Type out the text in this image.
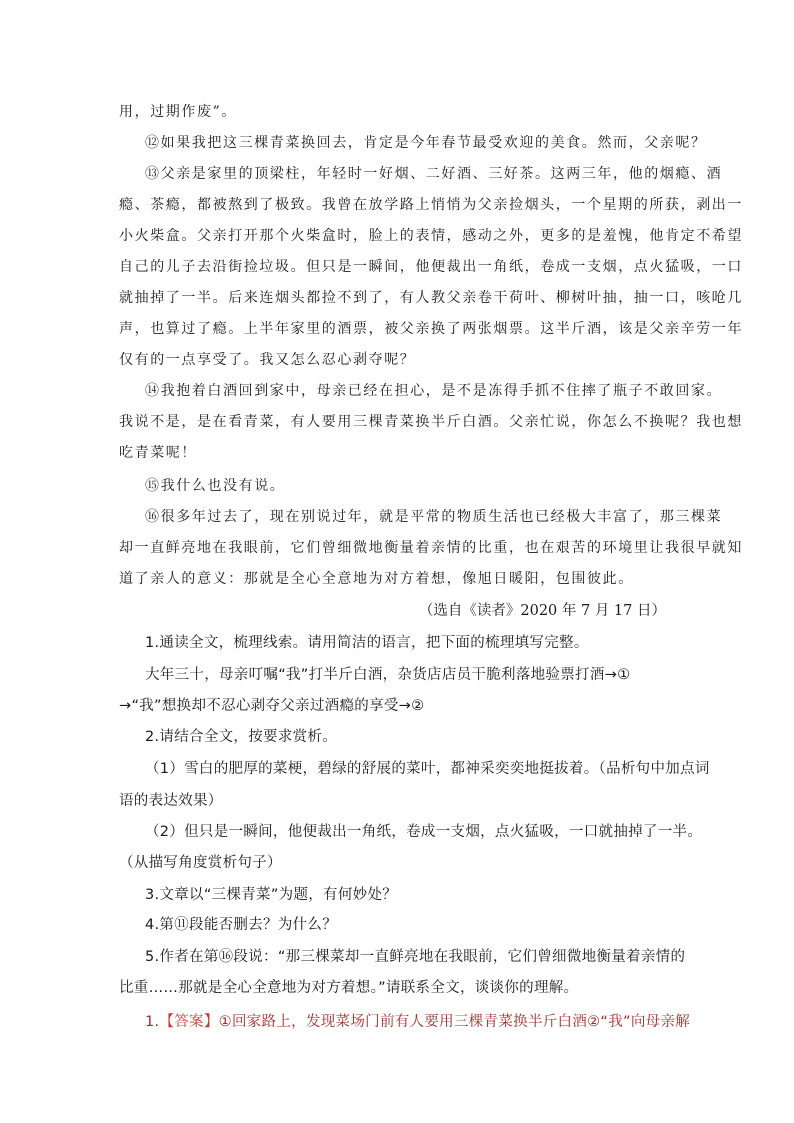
用，过期作废”。
⑫如果我把这三棵青菜换回去，肯定是今年春节最受欢迎的美食。然而，父亲呢？
⑬父亲是家里的顶梁柱，年轻时一好烟、二好酒、三好茶。这两三年，他的烟瘾、酒
瘾、茶瘾，都被熬到了极致。我曾在放学路上悄悄为父亲捡烟头，一个星期的所获，剥出一
小火柴盒。父亲打开那个火柴盒时，脸上的表情，感动之外，更多的是羞愧，他肯定不希望
自己的儿子去沿街捡垃圾。但只是一瞬间，他便裁出一角纸，卷成一支烟，点火猛吸，一口
就抽掉了一半。后来连烟头都捡不到了，有人教父亲卷干荷叶、柳树叶抽，抽一口，咳呛几
声，也算过了瘾。上半年家里的酒票，被父亲换了两张烟票。这半斤酒，该是父亲辛劳一年
仅有的一点享受了。我又怎么忍心剥夺呢？
⑭我抱着白酒回到家中，母亲已经在担心，是不是冻得手抓不住摔了瓶子不敢回家。
我说不是，是在看青菜，有人要用三棵青菜换半斤白酒。父亲忙说，你怎么不换呢？我也想
吃青菜呢！
⑮我什么也没有说。
⑯很多年过去了，现在别说过年，就是平常的物质生活也已经极大丰富了，那三棵菜
却一直鲜亮地在我眼前，它们曾细微地衡量着亲情的比重，也在艰苦的环境里让我很早就知
道了亲人的意义：那就是全心全意地为对方着想，像旭日暖阳，包围彼此。
（选自《读者》2020 年 7 月 17 日）
1.通读全文，梳理线索。请用简洁的语言，把下面的梳理填写完整。
大年三十，母亲叮嘱“我”打半斤白酒，杂货店店员干脆利落地验票打酒→①
→“我”想换却不忍心剥夺父亲过酒瘾的享受→②
2.请结合全文，按要求赏析。
（1）雪白的肥厚的菜梗，碧绿的舒展的菜叶，都神采奕奕地挺拔着。（品析句中加点词
语的表达效果）
（2）但只是一瞬间，他便裁出一角纸，卷成一支烟，点火猛吸，一口就抽掉了一半。
（从描写角度赏析句子）
3.文章以“三棵青菜”为题，有何妙处？
4.第⑪段能否删去？为什么？
5.作者在第⑯段说：“那三棵菜却一直鲜亮地在我眼前，它们曾细微地衡量着亲情的
比重……那就是全心全意地为对方着想。”请联系全文，谈谈你的理解。
1.【答案】①回家路上，发现菜场门前有人要用三棵青菜换半斤白酒②“我”向母亲解
